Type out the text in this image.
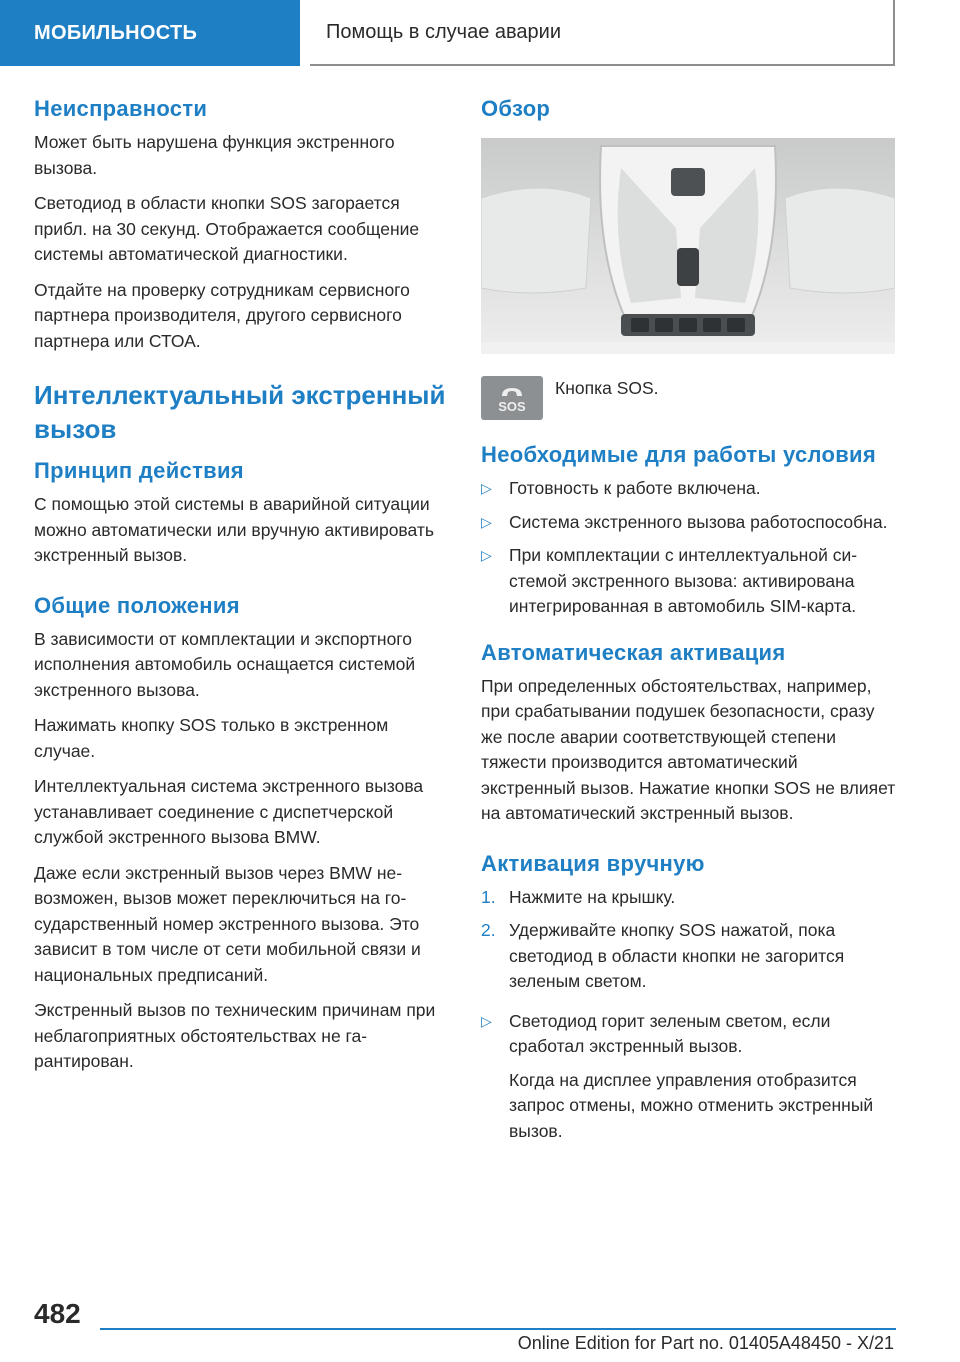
МОБИЛЬНОСТЬ	Помощь в случае аварии
Неисправности

Может быть нарушена функция экстренного вызова.

Светодиод в области кнопки SOS загорается прибл. на 30 секунд. Отображается сообщение системы автоматической диагностики.

Отдайте на проверку сотрудникам сервисного партнера производителя, другого сервисного партнера или СТОА.

Интеллектуальный экстренный вызов
Принцип действия

С помощью этой системы в аварийной ситуации можно автоматически или вручную активировать экстренный вызов.

Общие положения

В зависимости от комплектации и экспортного исполнения автомобиль оснащается системой экстренного вызова.

Нажимать кнопку SOS только в экстренном случае.

Интеллектуальная система экстренного вызова устанавливает соединение с диспетчерской службой экстренного вызова BMW.

Даже если экстренный вызов через BMW невозможен, вызов может переключиться на государственный номер экстренного вызова. Это зависит в том числе от сети мобильной связи и национальных предписаний.

Экстренный вызов по техническим причинам при неблагоприятных обстоятельствах не гарантирован.

Обзор
SOS
Кнопка SOS.
Необходимые для работы условия
▷ Готовность к работе включена.
▷ Система экстренного вызова работоспособна.
▷ При комплектации с интеллектуальной системой экстренного вызова: активирована интегрированная в автомобиль SIM-карта.
Автоматическая активация

При определенных обстоятельствах, например, при срабатывании подушек безопасности, сразу же после аварии соответствующей степени тяжести производится автоматический экстренный вызов. Нажатие кнопки SOS не влияет на автоматический экстренный вызов.

Активация вручную
1. Нажмите на крышку.
2. Удерживайте кнопку SOS нажатой, пока светодиод в области кнопки не загорится зеленым светом.
▷ Светодиод горит зеленым светом, если сработал экстренный вызов.

Когда на дисплее управления отобразится запрос отмены, можно отменить экстренный вызов.

482
Online Edition for Part no. 01405A48450 - X/21
